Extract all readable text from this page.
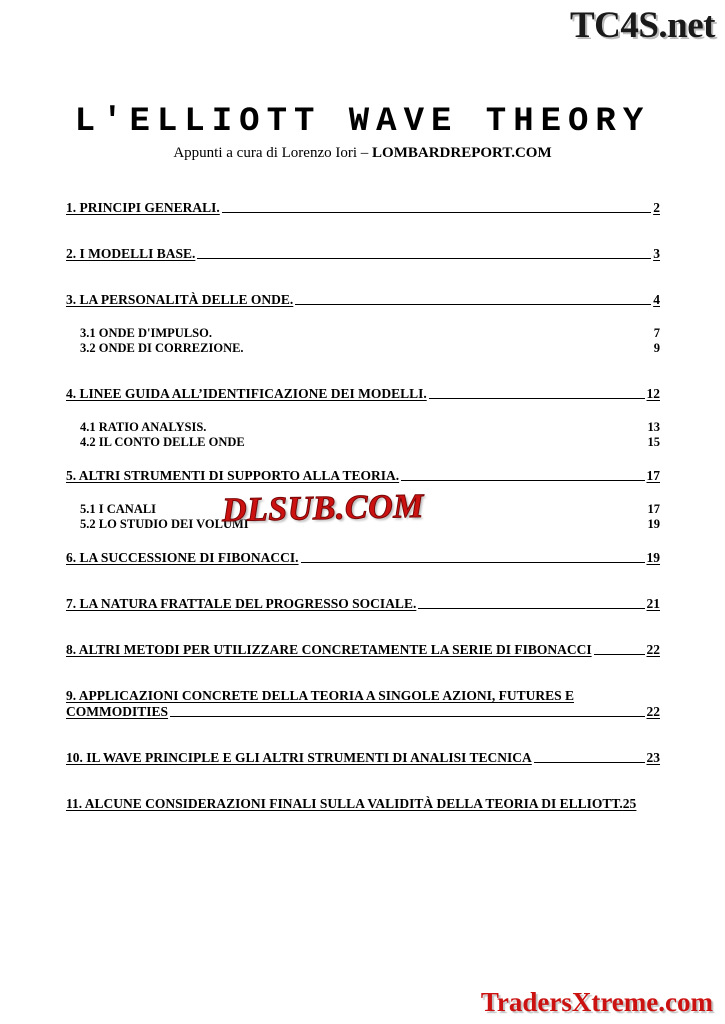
TC4S.net
L'ELLIOTT WAVE THEORY
Appunti a cura di Lorenzo Iori – LOMBARDREPORT.COM
1. PRINCIPI GENERALI.	2
2. I MODELLI BASE.	3
3. LA PERSONALITÀ DELLE ONDE.	4
3.1 ONDE D'IMPULSO.	7
3.2 ONDE DI CORREZIONE.	9
4. LINEE GUIDA ALL’IDENTIFICAZIONE DEI MODELLI.	12
4.1 RATIO ANALYSIS.	13
4.2 IL CONTO DELLE ONDE	15
5. ALTRI STRUMENTI DI SUPPORTO ALLA TEORIA.	17
5.1 I CANALI	17
5.2 LO STUDIO DEI VOLUMI	19
6. LA SUCCESSIONE DI FIBONACCI.	19
7. LA NATURA FRATTALE DEL PROGRESSO SOCIALE.	21
8. ALTRI METODI PER UTILIZZARE CONCRETAMENTE LA SERIE DI FIBONACCI	22
9. APPLICAZIONI CONCRETE DELLA TEORIA A SINGOLE AZIONI, FUTURES E
COMMODITIES	22
10. IL WAVE PRINCIPLE E GLI ALTRI STRUMENTI DI ANALISI TECNICA	23
11. ALCUNE CONSIDERAZIONI FINALI SULLA VALIDITÀ DELLA TEORIA DI ELLIOTT. 25
DLSUB.COM
TradersXtreme.com
